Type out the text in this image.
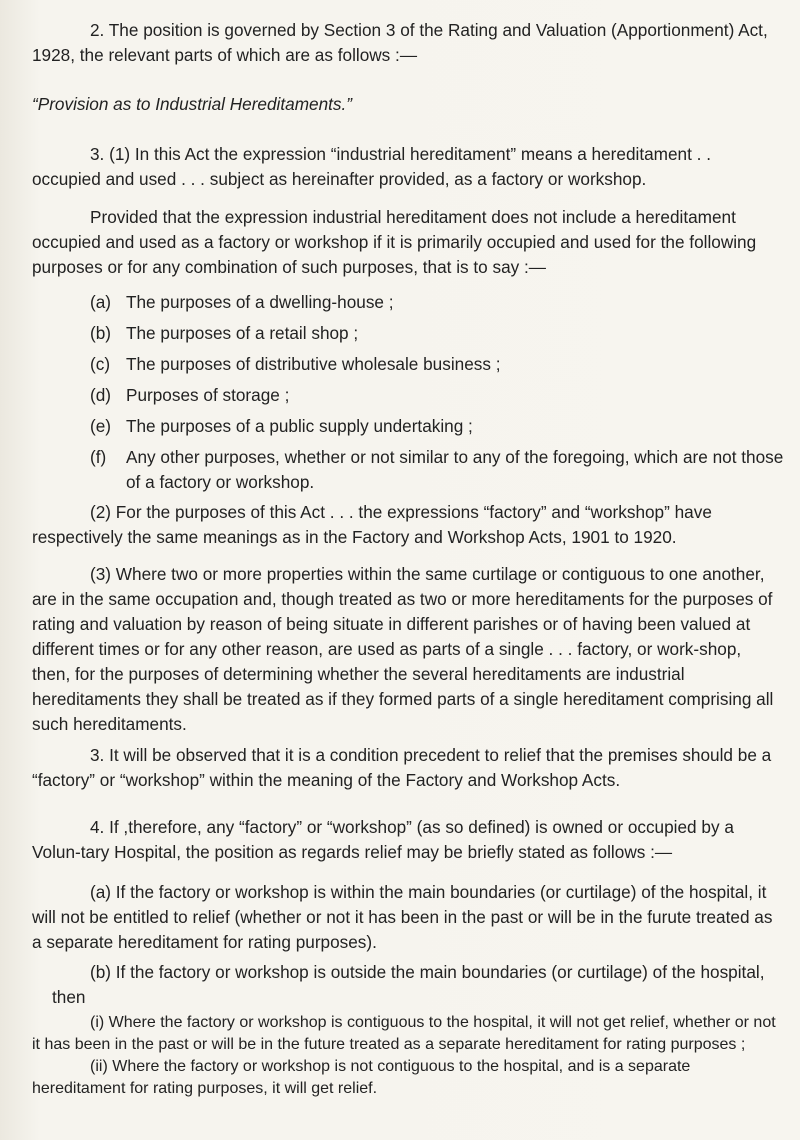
2. The position is governed by Section 3 of the Rating and Valuation (Apportionment) Act, 1928, the relevant parts of which are as follows :—

“Provision as to Industrial Hereditaments.”

3. (1) In this Act the expression “industrial hereditament” means a hereditament . . occupied and used . . . subject as hereinafter provided, as a factory or workshop.

Provided that the expression industrial hereditament does not include a hereditament occupied and used as a factory or workshop if it is primarily occupied and used for the following purposes or for any combination of such purposes, that is to say :—

(a) The purposes of a dwelling-house ;
(b) The purposes of a retail shop ;
(c) The purposes of distributive wholesale business ;
(d) Purposes of storage ;
(e) The purposes of a public supply undertaking ;
(f) Any other purposes, whether or not similar to any of the foregoing, which are not those of a factory or workshop.

(2) For the purposes of this Act . . . the expressions “factory” and “workshop” have respectively the same meanings as in the Factory and Workshop Acts, 1901 to 1920.

(3) Where two or more properties within the same curtilage or contiguous to one another, are in the same occupation and, though treated as two or more hereditaments for the purposes of rating and valuation by reason of being situate in different parishes or of having been valued at different times or for any other reason, are used as parts of a single . . . factory, or work-shop, then, for the purposes of determining whether the several hereditaments are industrial hereditaments they shall be treated as if they formed parts of a single hereditament comprising all such hereditaments.

3. It will be observed that it is a condition precedent to relief that the premises should be a “factory” or “workshop” within the meaning of the Factory and Workshop Acts.

4. If ,therefore, any “factory” or “workshop” (as so defined) is owned or occupied by a Volun-tary Hospital, the position as regards relief may be briefly stated as follows :—

(a) If the factory or workshop is within the main boundaries (or curtilage) of the hospital, it will not be entitled to relief (whether or not it has been in the past or will be in the furute treated as a separate hereditament for rating purposes).

(b) If the factory or workshop is outside the main boundaries (or curtilage) of the hospital,

then

(i) Where the factory or workshop is contiguous to the hospital, it will not get relief, whether or not it has been in the past or will be in the future treated as a separate hereditament for rating purposes ;

(ii) Where the factory or workshop is not contiguous to the hospital, and is a separate hereditament for rating purposes, it will get relief.
